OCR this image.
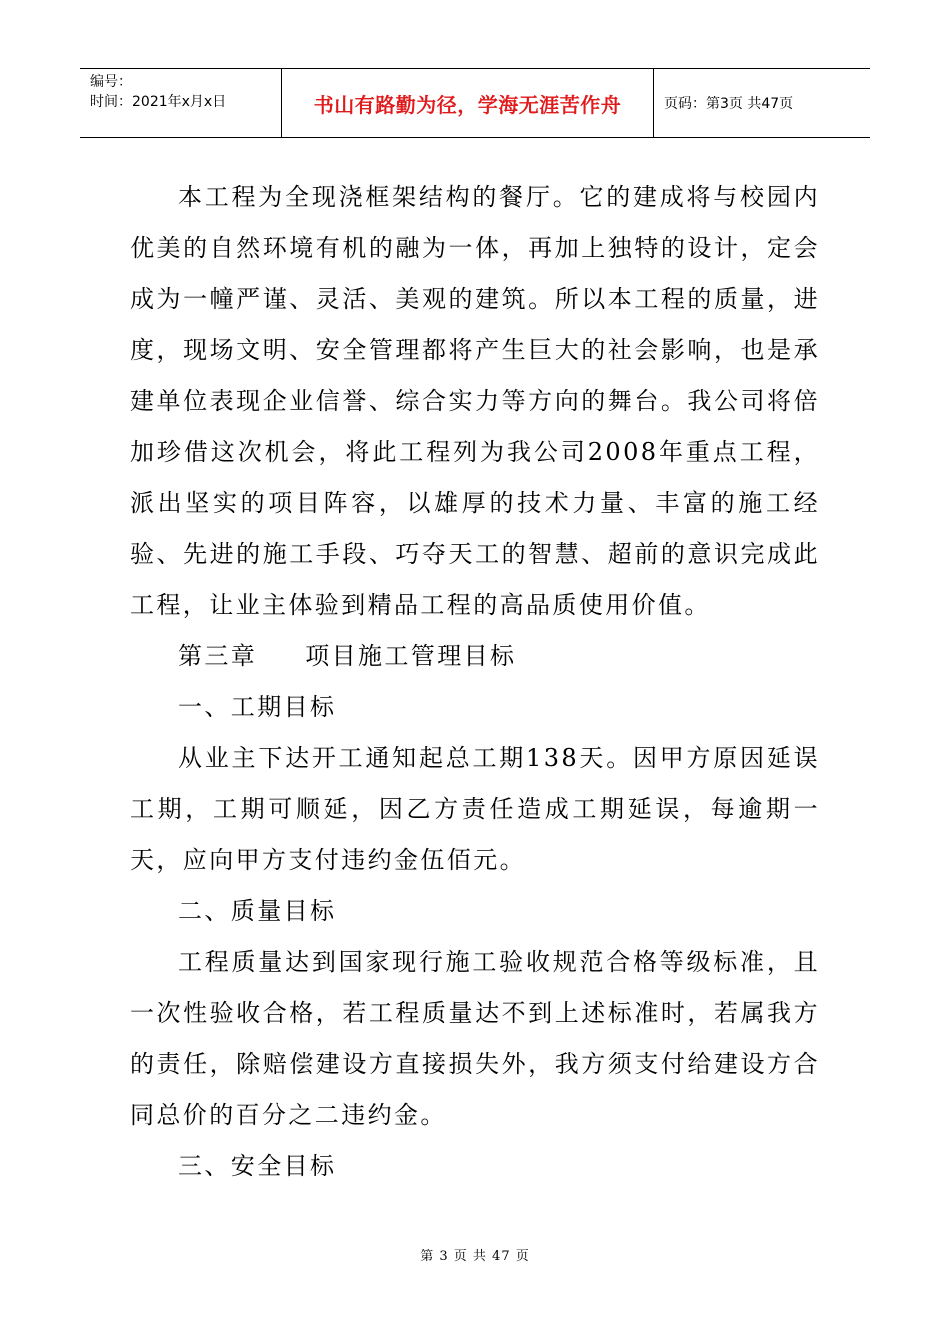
编号：
时间：2021年x月x日	书山有路勤为径，学海无涯苦作舟	页码：第3页 共47页

本工程为全现浇框架结构的餐厅。它的建成将与校园内优美的自然环境有机的融为一体，再加上独特的设计，定会成为一幢严谨、灵活、美观的建筑。所以本工程的质量，进度，现场文明、安全管理都将产生巨大的社会影响，也是承建单位表现企业信誉、综合实力等方向的舞台。我公司将倍加珍借这次机会，将此工程列为我公司2008年重点工程，派出坚实的项目阵容，以雄厚的技术力量、丰富的施工经验、先进的施工手段、巧夺天工的智慧、超前的意识完成此工程，让业主体验到精品工程的高品质使用价值。

第三章 项目施工管理目标

一、工期目标

从业主下达开工通知起总工期138天。因甲方原因延误工期，工期可顺延，因乙方责任造成工期延误，每逾期一天，应向甲方支付违约金伍佰元。

二、质量目标

工程质量达到国家现行施工验收规范合格等级标准，且一次性验收合格，若工程质量达不到上述标准时，若属我方的责任，除赔偿建设方直接损失外，我方须支付给建设方合同总价的百分之二违约金。

三、安全目标

第 3 页 共 47 页
